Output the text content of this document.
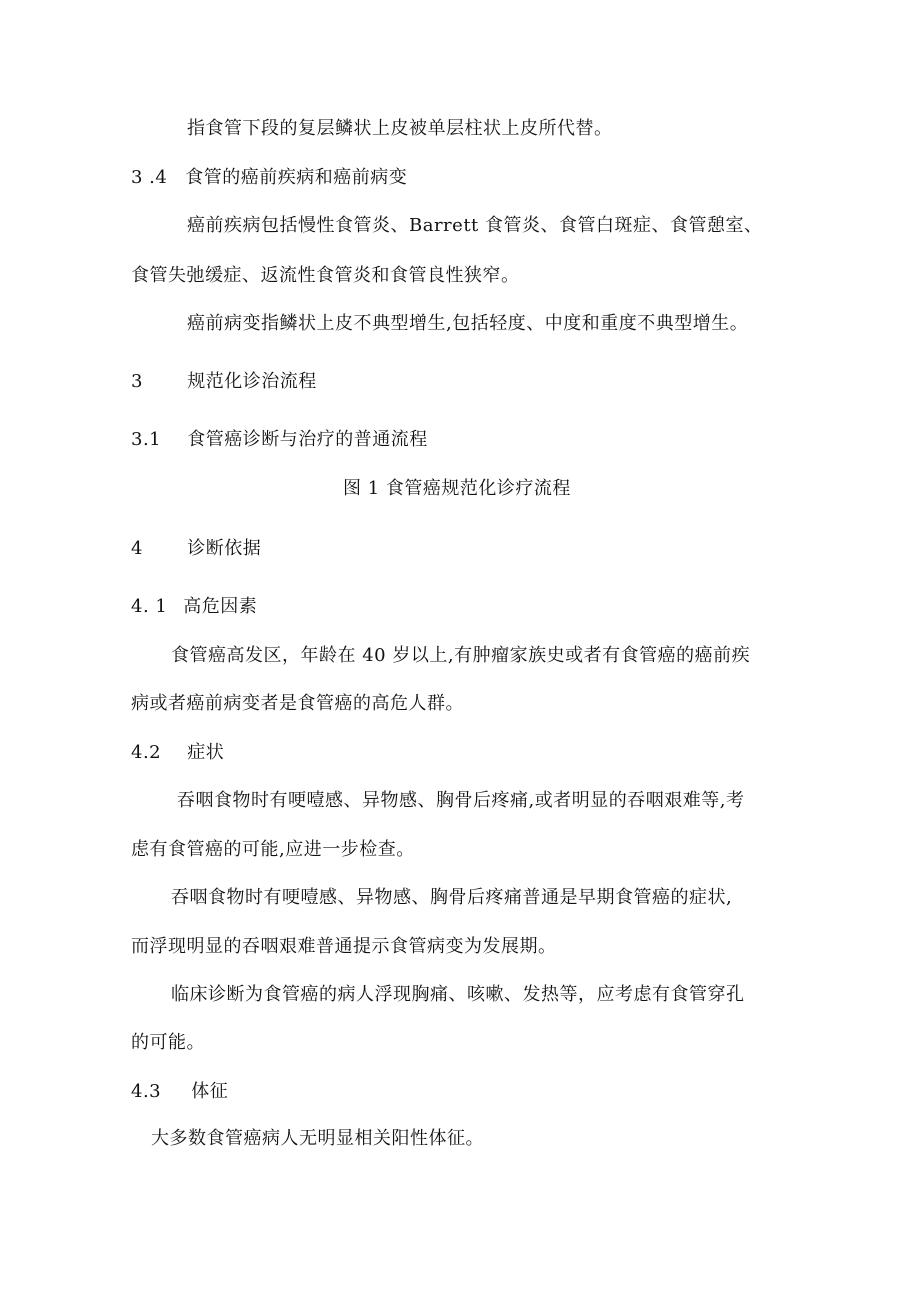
指食管下段的复层鳞状上皮被单层柱状上皮所代替。
3 .4 食管的癌前疾病和癌前病变
癌前疾病包括慢性食管炎、Barrett 食管炎、食管白斑症、食管憩室、
食管失弛缓症、返流性食管炎和食管良性狭窄。
癌前病变指鳞状上皮不典型增生,包括轻度、中度和重度不典型增生。
3 规范化诊治流程
3.1 食管癌诊断与治疗的普通流程
图 1 食管癌规范化诊疗流程
4 诊断依据
4. 1 高危因素
食管癌高发区，年龄在 40 岁以上,有肿瘤家族史或者有食管癌的癌前疾
病或者癌前病变者是食管癌的高危人群。
4.2 症状
吞咽食物时有哽噎感、异物感、胸骨后疼痛,或者明显的吞咽艰难等,考
虑有食管癌的可能,应进一步检查。
吞咽食物时有哽噎感、异物感、胸骨后疼痛普通是早期食管癌的症状,
而浮现明显的吞咽艰难普通提示食管病变为发展期。
临床诊断为食管癌的病人浮现胸痛、咳嗽、发热等，应考虑有食管穿孔
的可能。
4.3 体征
大多数食管癌病人无明显相关阳性体征。
